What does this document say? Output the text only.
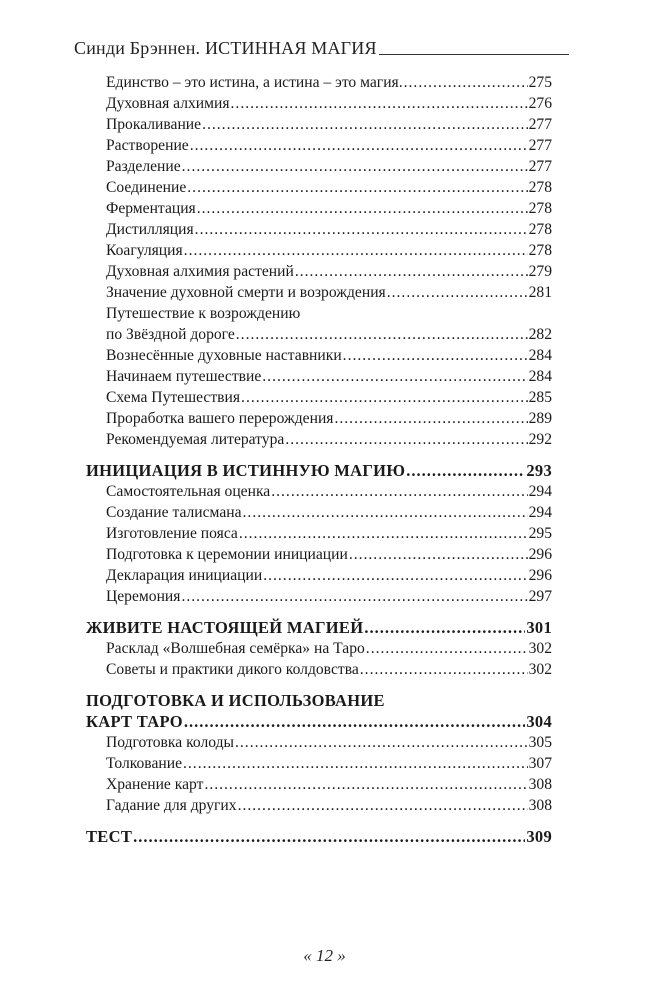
Синди Брэннен. ИСТИННАЯ МАГИЯ
Единство – это истина, а истина – это магия. .....	275
Духовная алхимия .....	276
Прокаливание .....	277
Растворение .....	277
Разделение .....	277
Соединение .....	278
Ферментация .....	278
Дистилляция .....	278
Коагуляция .....	278
Духовная алхимия растений .....	279
Значение духовной смерти и возрождения .....	281
Путешествие к возрождению
по Звёздной дороге .....	282
Вознесённые духовные наставники .....	284
Начинаем путешествие .....	284
Схема Путешествия .....	285
Проработка вашего перерождения .....	289
Рекомендуемая литература .....	292
ИНИЦИАЦИЯ В ИСТИННУЮ МАГИЮ .....	293
Самостоятельная оценка .....	294
Создание талисмана .....	294
Изготовление пояса .....	295
Подготовка к церемонии инициации .....	296
Декларация инициации .....	296
Церемония .....	297
ЖИВИТЕ НАСТОЯЩЕЙ МАГИЕЙ .....	301
Расклад «Волшебная семёрка» на Таро .....	302
Советы и практики дикого колдовства .....	302
ПОДГОТОВКА И ИСПОЛЬЗОВАНИЕ
КАРТ ТАРО .....	304
Подготовка колоды .....	305
Толкование .....	307
Хранение карт .....	308
Гадание для других .....	308
ТЕСТ .....	309
« 12 »
